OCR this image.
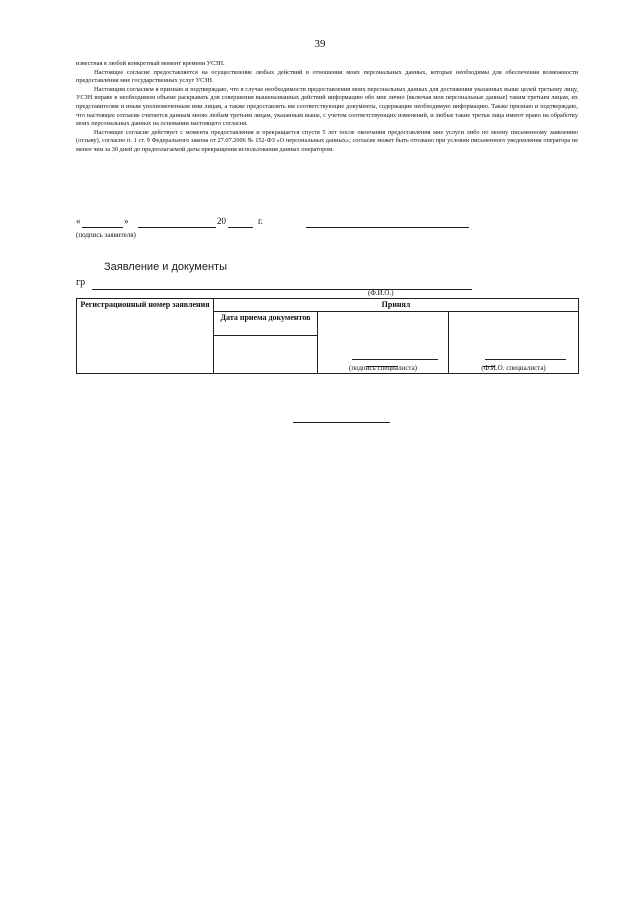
39

известная в любой конкретный момент времени УСЗН.

Настоящее согласие предоставляется на осуществление любых действий в отношении моих персональных данных, которые необходимы для обеспечения возможности предоставления мне государственных услуг УСЗН.

Настоящим согласием я признаю и подтверждаю, что в случае необходимости предоставления моих персональных данных для достижения указанных выше целей третьему лицу, УСЗН вправе в необходимом объеме раскрывать для совершения вышеназванных действий информацию обо мне лично (включая мои персональные данные) таким третьим лицам, их представителям и иным уполномоченным ими лицам, а также предоставлять им соответствующие документы, содержащие необходимую информацию. Также признаю и подтверждаю, что настоящее согласие считается данным мною любым третьим лицам, указанным выше, с учетом соответствующих изменений, и любые такие третьи лица имеют право на обработку моих персональных данных на основании настоящего согласия.

Настоящее согласие действует с момента предоставления и прекращается спустя 5 лет после окончания предоставления мне услуги либо по моему письменному заявлению (отзыву), согласно п. 1 ст. 9 Федерального закона от 27.07.2006 № 152-ФЗ «О персональных данных»; согласие может быть отозвано при условии письменного уведомления оператора не менее чем за 30 дней до предполагаемой даты прекращения использования данных оператором.

«	»	20	г.
(подпись заявителя)
Заявление и документы
гр
(Ф.И.О.)
Регистрационный номер заявления	Принял		
	Дата приема документов	(подпись специалиста)	(Ф.И.О. специалиста)
